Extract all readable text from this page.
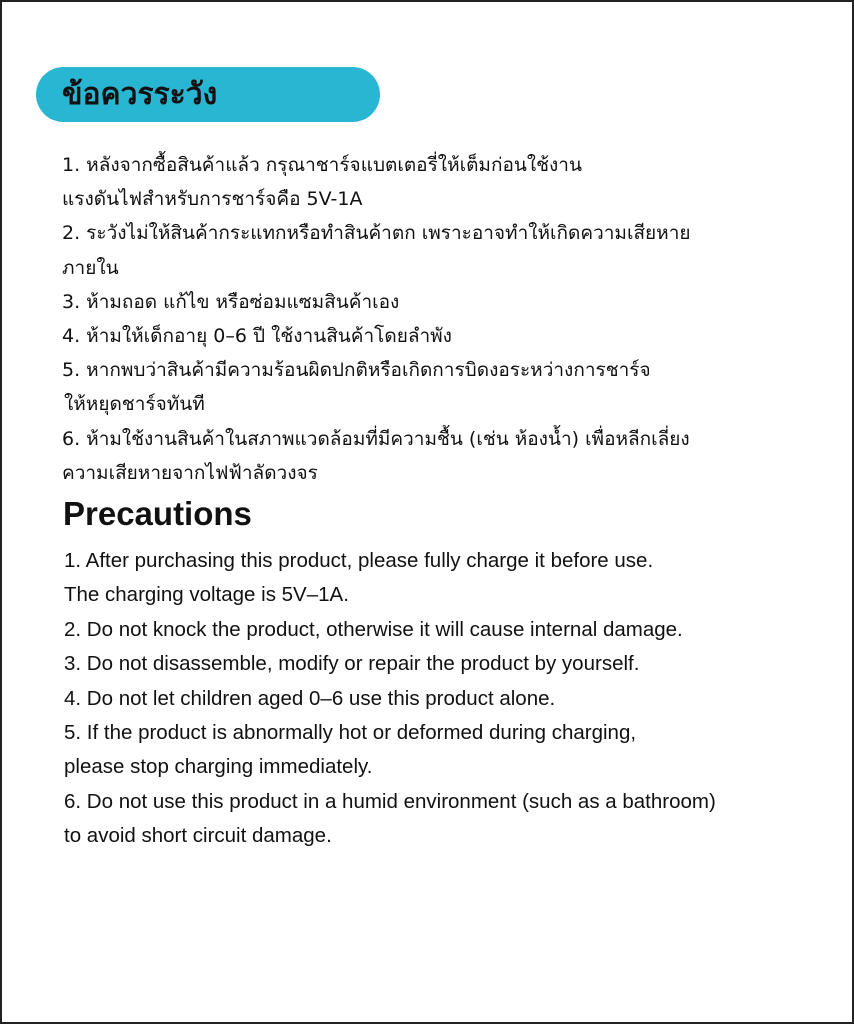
ข้อควรระวัง
1. หลังจากซื้อสินค้าแล้ว กรุณาชาร์จแบตเตอรี่ให้เต็มก่อนใช้งาน
แรงดันไฟสำหรับการชาร์จคือ 5V-1A
2. ระวังไม่ให้สินค้ากระแทกหรือทำสินค้าตก เพราะอาจทำให้เกิดความเสียหาย
ภายใน
3. ห้ามถอด แก้ไข หรือซ่อมแซมสินค้าเอง
4. ห้ามให้เด็กอายุ 0–6 ปี ใช้งานสินค้าโดยลำพัง
5. หากพบว่าสินค้ามีความร้อนผิดปกติหรือเกิดการบิดงอระหว่างการชาร์จ
ให้หยุดชาร์จทันที
6. ห้ามใช้งานสินค้าในสภาพแวดล้อมที่มีความชื้น (เช่น ห้องน้ำ) เพื่อหลีกเลี่ยง
ความเสียหายจากไฟฟ้าลัดวงจร
Precautions
1. After purchasing this product, please fully charge it before use.
The charging voltage is 5V–1A.
2. Do not knock the product, otherwise it will cause internal damage.
3. Do not disassemble, modify or repair the product by yourself.
4. Do not let children aged 0–6 use this product alone.
5. If the product is abnormally hot or deformed during charging,
please stop charging immediately.
6. Do not use this product in a humid environment (such as a bathroom)
to avoid short circuit damage.
